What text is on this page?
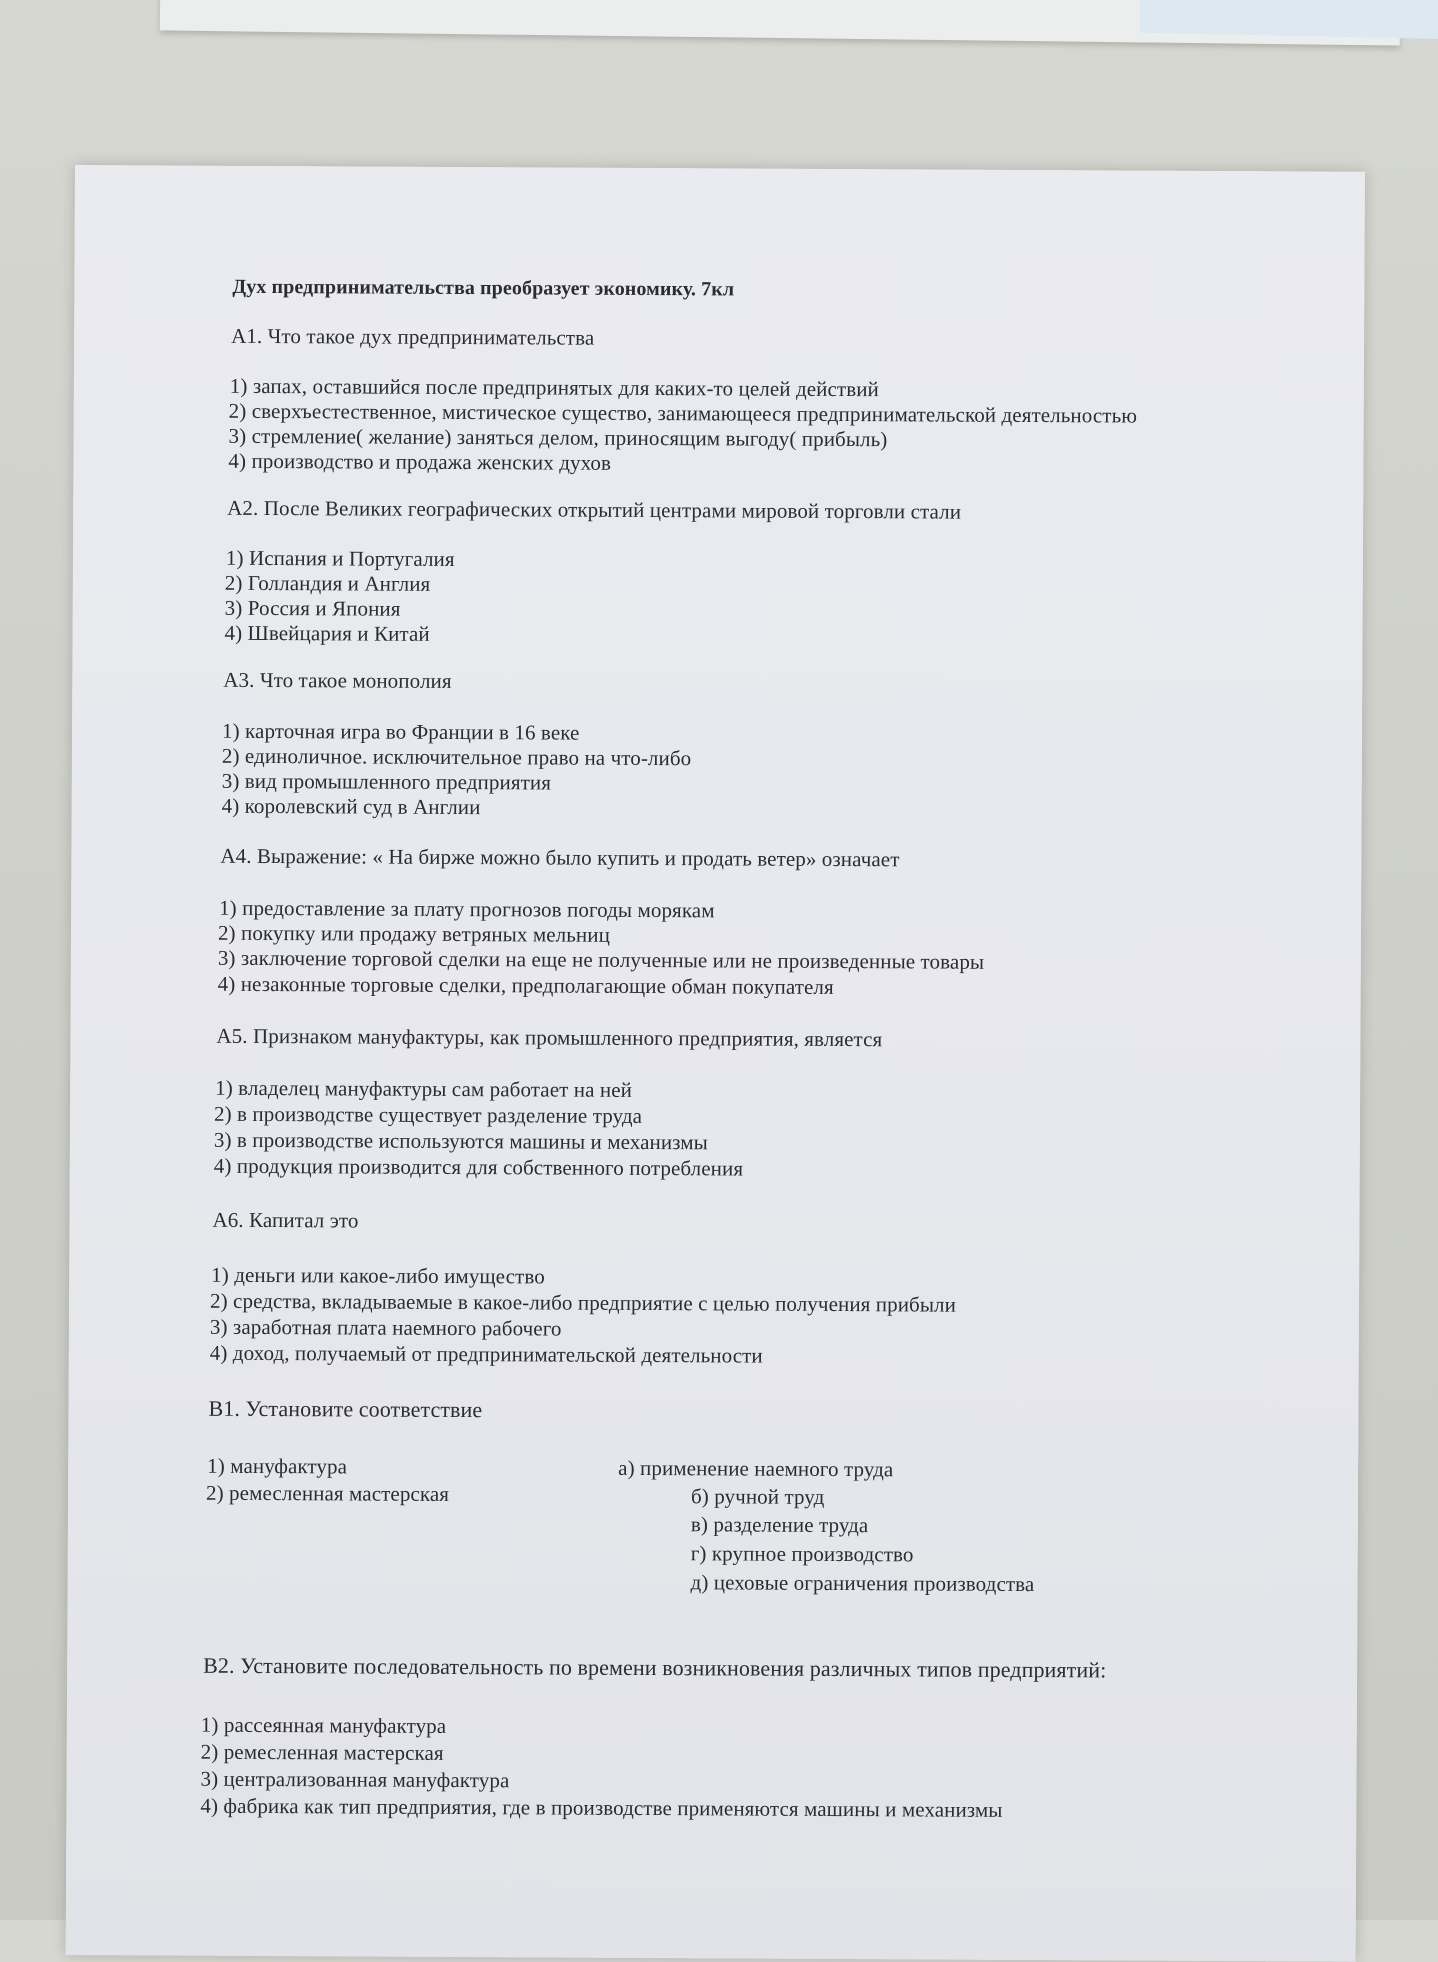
Дух предпринимательства преобразует экономику. 7кл
А1. Что такое дух предпринимательства
1) запах, оставшийся после предпринятых для каких-то целей действий
2) сверхъестественное, мистическое существо, занимающееся предпринимательской деятельностью
3) стремление( желание) заняться делом, приносящим выгоду( прибыль)
4) производство и продажа женских духов
А2. После Великих географических открытий центрами мировой торговли стали
1) Испания и Португалия
2) Голландия и Англия
3) Россия и Япония
4) Швейцария и Китай
А3. Что такое монополия
1) карточная игра во Франции в 16 веке
2) единоличное. исключительное право на что-либо
3) вид промышленного предприятия
4) королевский суд в Англии
А4. Выражение: « На бирже можно было купить и продать ветер» означает
1) предоставление за плату прогнозов погоды морякам
2) покупку или продажу ветряных мельниц
3) заключение торговой сделки на еще не полученные или не произведенные товары
4) незаконные торговые сделки, предполагающие обман покупателя
А5. Признаком мануфактуры, как промышленного предприятия, является
1) владелец мануфактуры сам работает на ней
2) в производстве существует разделение труда
3) в производстве используются машины и механизмы
4) продукция производится для собственного потребления
А6. Капитал это
1) деньги или какое-либо имущество
2) средства, вкладываемые в какое-либо предприятие с целью получения прибыли
3) заработная плата наемного рабочего
4) доход, получаемый от предпринимательской деятельности
В1. Установите соответствие
1) мануфактура
2) ремесленная мастерская
а) применение наемного труда
б) ручной труд
в) разделение труда
г) крупное производство
д) цеховые ограничения производства
В2. Установите последовательность по времени возникновения различных типов предприятий:
1) рассеянная мануфактура
2) ремесленная мастерская
3) централизованная мануфактура
4) фабрика как тип предприятия, где в производстве применяются машины и механизмы
